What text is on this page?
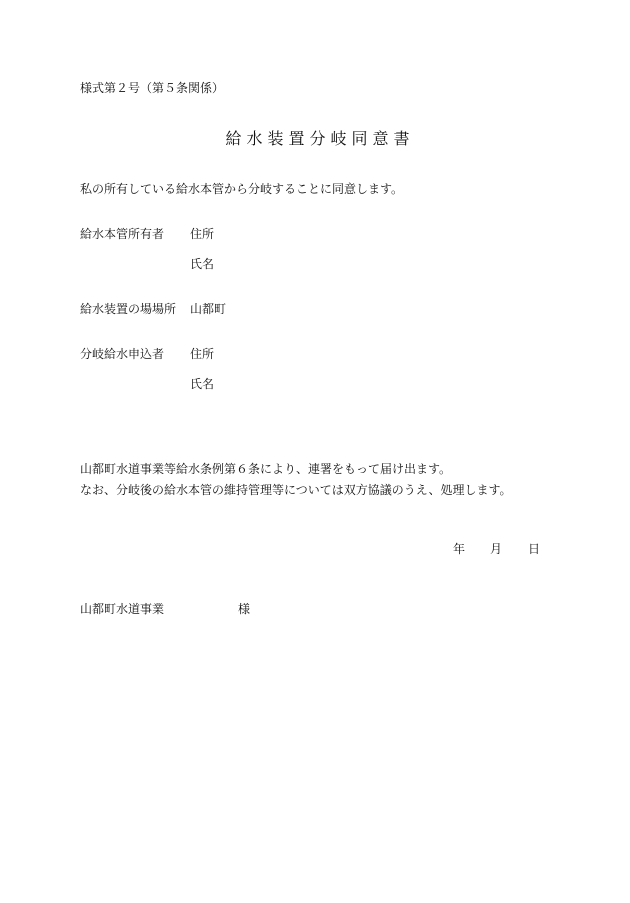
様式第２号（第５条関係）
給水装置分岐同意書
私の所有している給水本管から分岐することに同意します。
給水本管所有者 住所
氏名
給水装置の場場所 山都町
分岐給水申込者 住所
氏名
山都町水道事業等給水条例第６条により、連署をもって届け出ます。
なお、分岐後の給水本管の維持管理等については双方協議のうえ、処理します。
年 月 日
山都町水道事業	様
